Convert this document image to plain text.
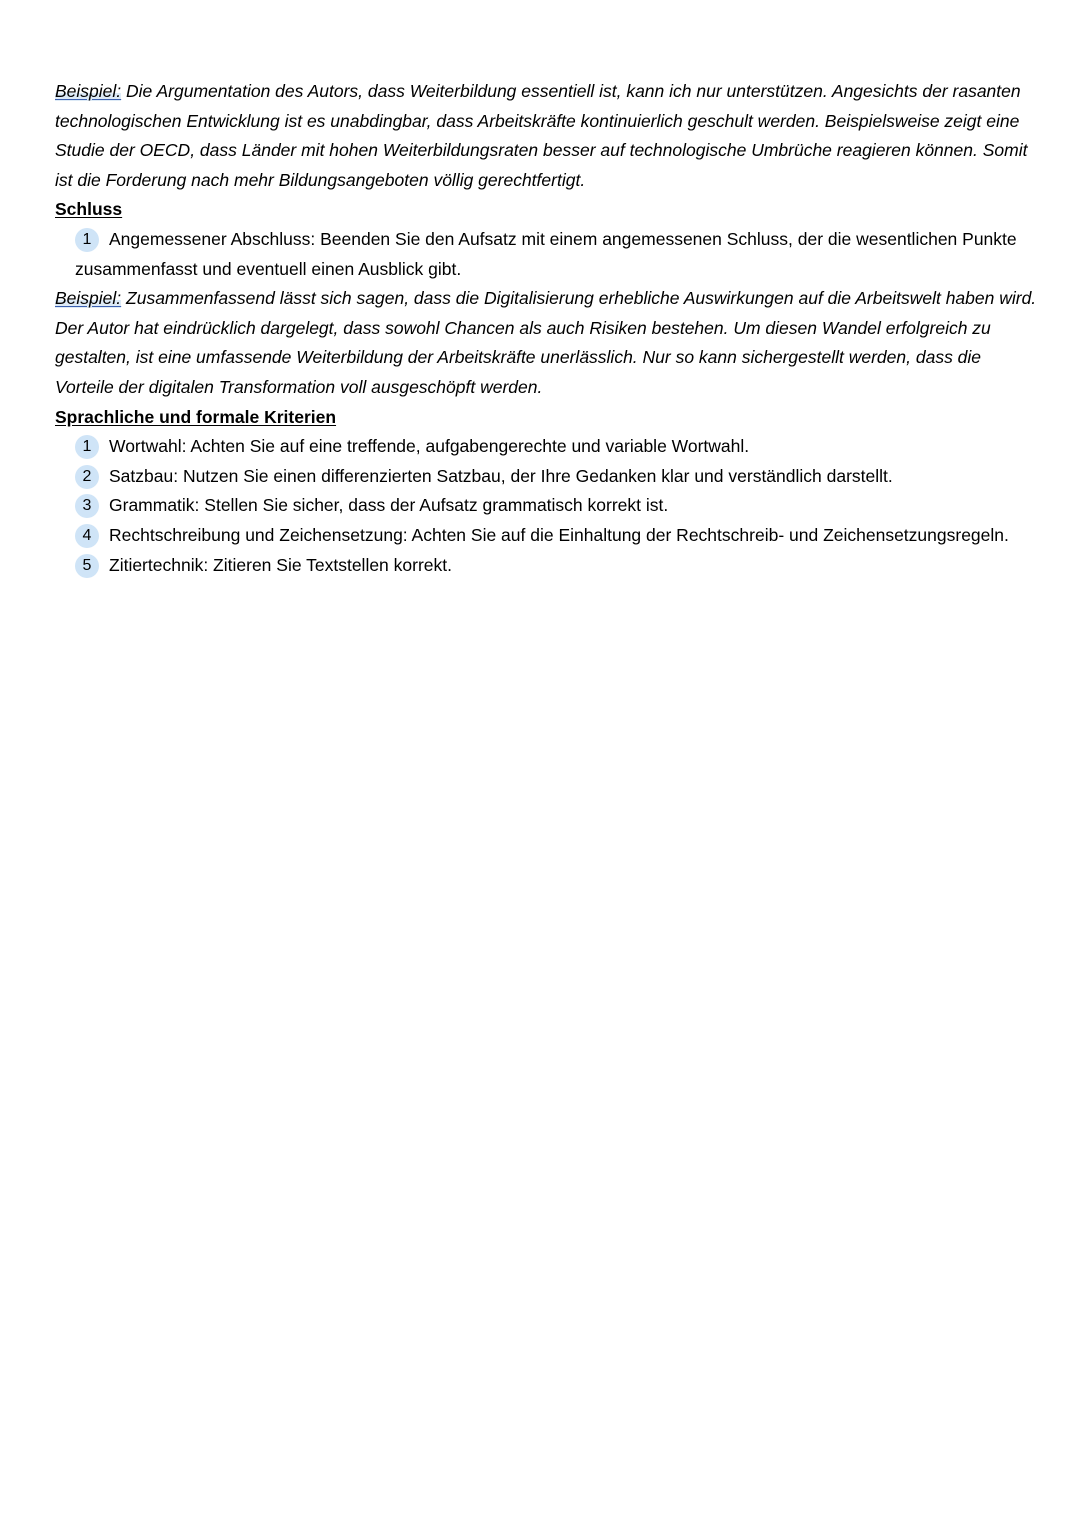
Beispiel: Die Argumentation des Autors, dass Weiterbildung essentiell ist, kann ich nur unterstützen. Angesichts der rasanten technologischen Entwicklung ist es unabdingbar, dass Arbeitskräfte kontinuierlich geschult werden. Beispielsweise zeigt eine Studie der OECD, dass Länder mit hohen Weiterbildungsraten besser auf technologische Umbrüche reagieren können. Somit ist die Forderung nach mehr Bildungsangeboten völlig gerechtfertigt.

Schluss

1 Angemessener Abschluss: Beenden Sie den Aufsatz mit einem angemessenen Schluss, der die wesentlichen Punkte zusammenfasst und eventuell einen Ausblick gibt.

Beispiel: Zusammenfassend lässt sich sagen, dass die Digitalisierung erhebliche Auswirkungen auf die Arbeitswelt haben wird. Der Autor hat eindrücklich dargelegt, dass sowohl Chancen als auch Risiken bestehen. Um diesen Wandel erfolgreich zu gestalten, ist eine umfassende Weiterbildung der Arbeitskräfte unerlässlich. Nur so kann sichergestellt werden, dass die Vorteile der digitalen Transformation voll ausgeschöpft werden.

Sprachliche und formale Kriterien

1 Wortwahl: Achten Sie auf eine treffende, aufgabengerechte und variable Wortwahl.

2 Satzbau: Nutzen Sie einen differenzierten Satzbau, der Ihre Gedanken klar und verständlich darstellt.

3 Grammatik: Stellen Sie sicher, dass der Aufsatz grammatisch korrekt ist.

4 Rechtschreibung und Zeichensetzung: Achten Sie auf die Einhaltung der Rechtschreib- und Zeichensetzungsregeln.

5 Zitiertechnik: Zitieren Sie Textstellen korrekt.
